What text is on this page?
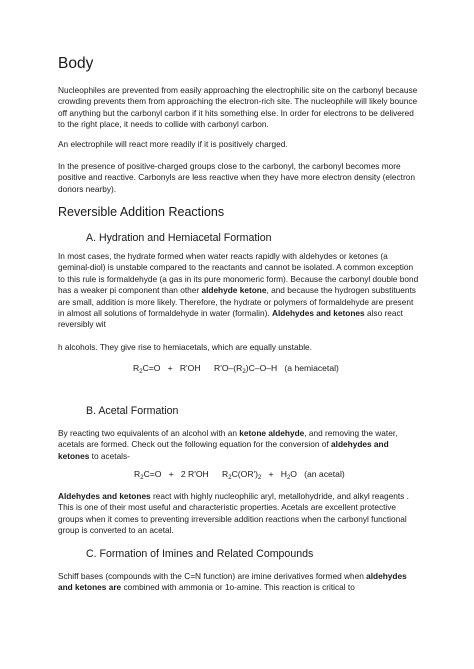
Body

Nucleophiles are prevented from easily approaching the electrophilic site on the carbonyl because crowding prevents them from approaching the electron-rich site. The nucleophile will likely bounce off anything but the carbonyl carbon if it hits something else. In order for electrons to be delivered to the right place, it needs to collide with carbonyl carbon.

An electrophile will react more readily if it is positively charged.

In the presence of positive-charged groups close to the carbonyl, the carbonyl becomes more positive and reactive. Carbonyls are less reactive when they have more electron density (electron donors nearby).

Reversible Addition Reactions
A. Hydration and Hemiacetal Formation

In most cases, the hydrate formed when water reacts rapidly with aldehydes or ketones (a geminal-diol) is unstable compared to the reactants and cannot be isolated. A common exception to this rule is formaldehyde (a gas in its pure monomeric form). Because the carbonyl double bond has a weaker pi component than other aldehyde ketone, and because the hydrogen substituents are small, addition is more likely. Therefore, the hydrate or polymers of formaldehyde are present in almost all solutions of formaldehyde in water (formalin). Aldehydes and ketones also react reversibly wit

h alcohols. They give rise to hemiacetals, which are equally unstable.

$R_2C=O + R'OH$ $R'O-(R_2)C-O-H$   (a hemiacetal)
B. Acetal Formation

By reacting two equivalents of an alcohol with an ketone aldehyde, and removing the water, acetals are formed. Check out the following equation for the conversion of aldehydes and ketones to acetals-

$R_2C=O + 2$ R'OH $R_2C(OR')_2 + H_2O$   (an acetal)

Aldehydes and ketones react with highly nucleophilic aryl, metallohydride, and alkyl reagents . This is one of their most useful and characteristic properties. Acetals are excellent protective groups when it comes to preventing irreversible addition reactions when the carbonyl functional group is converted to an acetal.

C. Formation of Imines and Related Compounds

Schiff bases (compounds with the C=N function) are imine derivatives formed when aldehydes and ketones are combined with ammonia or 1o-amine. This reaction is critical to
